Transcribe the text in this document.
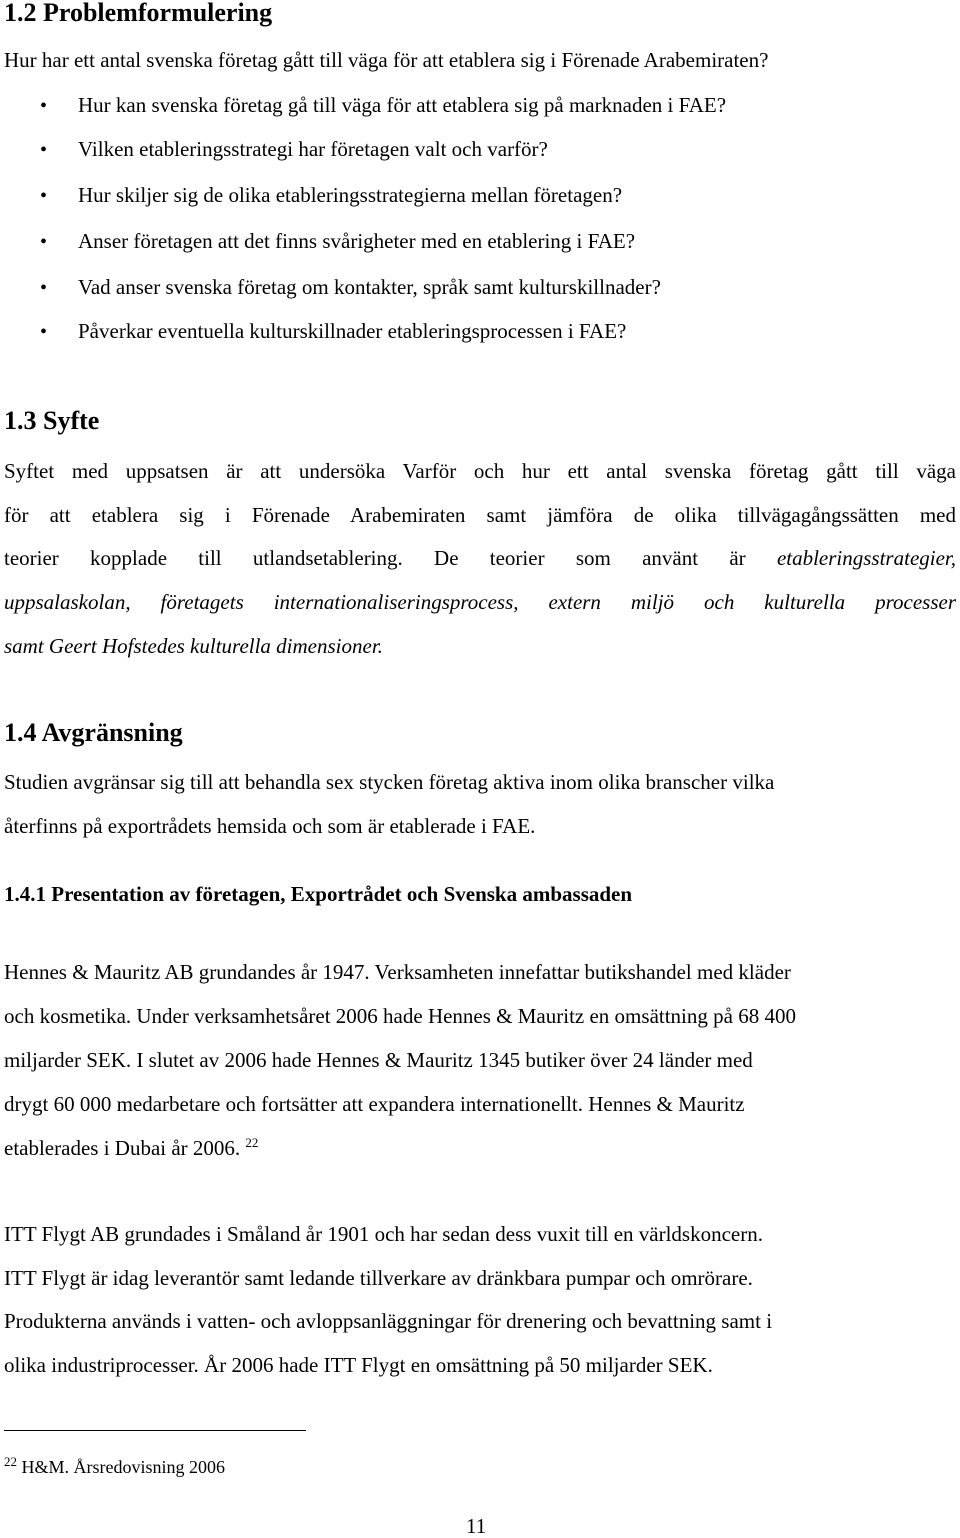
1.2 Problemformulering

Hur har ett antal svenska företag gått till väga för att etablera sig i Förenade Arabemiraten?

• Hur kan svenska företag gå till väga för att etablera sig på marknaden i FAE?

• Vilken etableringsstrategi har företagen valt och varför?

• Hur skiljer sig de olika etableringsstrategierna mellan företagen?

• Anser företagen att det finns svårigheter med en etablering i FAE?

• Vad anser svenska företag om kontakter, språk samt kulturskillnader?

• Påverkar eventuella kulturskillnader etableringsprocessen i FAE?

1.3 Syfte

Syftet med uppsatsen är att undersöka Varför och hur ett antal svenska företag gått till väga

för att etablera sig i Förenade Arabemiraten samt jämföra de olika tillvägagångssätten med

teorier kopplade till utlandsetablering. De teorier som använt är etableringsstrategier,

uppsalaskolan, företagets internationaliseringsprocess, extern miljö och kulturella processer

samt Geert Hofstedes kulturella dimensioner.

1.4 Avgränsning

Studien avgränsar sig till att behandla sex stycken företag aktiva inom olika branscher vilka

återfinns på exportrådets hemsida och som är etablerade i FAE.

1.4.1 Presentation av företagen, Exportrådet och Svenska ambassaden

Hennes & Mauritz AB grundandes år 1947. Verksamheten innefattar butikshandel med kläder

och kosmetika. Under verksamhetsåret 2006 hade Hennes & Mauritz en omsättning på 68 400

miljarder SEK. I slutet av 2006 hade Hennes & Mauritz 1345 butiker över 24 länder med

drygt 60 000 medarbetare och fortsätter att expandera internationellt. Hennes & Mauritz

etablerades i Dubai år 2006. $^{22}$

ITT Flygt AB grundades i Småland år 1901 och har sedan dess vuxit till en världskoncern.

ITT Flygt är idag leverantör samt ledande tillverkare av dränkbara pumpar och omrörare.

Produkterna används i vatten- och avloppsanläggningar för drenering och bevattning samt i

olika industriprocesser. År 2006 hade ITT Flygt en omsättning på 50 miljarder SEK.

$^{22}$ H&M. Årsredovisning 2006

11
